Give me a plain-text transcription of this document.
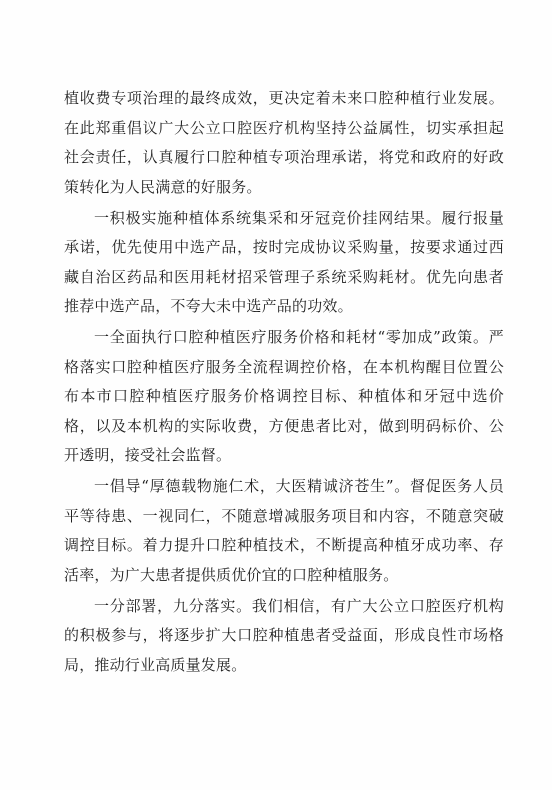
植收费专项治理的最终成效，更决定着未来口腔种植行业发展。在此郑重倡议广大公立口腔医疗机构坚持公益属性，切实承担起社会责任，认真履行口腔种植专项治理承诺，将党和政府的好政策转化为人民满意的好服务。

一积极实施种植体系统集采和牙冠竞价挂网结果。履行报量承诺，优先使用中选产品，按时完成协议采购量，按要求通过西藏自治区药品和医用耗材招采管理子系统采购耗材。优先向患者推荐中选产品，不夸大未中选产品的功效。

一全面执行口腔种植医疗服务价格和耗材“零加成”政策。严格落实口腔种植医疗服务全流程调控价格，在本机构醒目位置公布本市口腔种植医疗服务价格调控目标、种植体和牙冠中选价格，以及本机构的实际收费，方便患者比对，做到明码标价、公开透明，接受社会监督。

一倡导“厚德载物施仁术，大医精诚济苍生”。督促医务人员平等待患、一视同仁，不随意增减服务项目和内容，不随意突破调控目标。着力提升口腔种植技术，不断提高种植牙成功率、存活率，为广大患者提供质优价宜的口腔种植服务。

一分部署，九分落实。我们相信，有广大公立口腔医疗机构的积极参与，将逐步扩大口腔种植患者受益面，形成良性市场格局，推动行业高质量发展。
